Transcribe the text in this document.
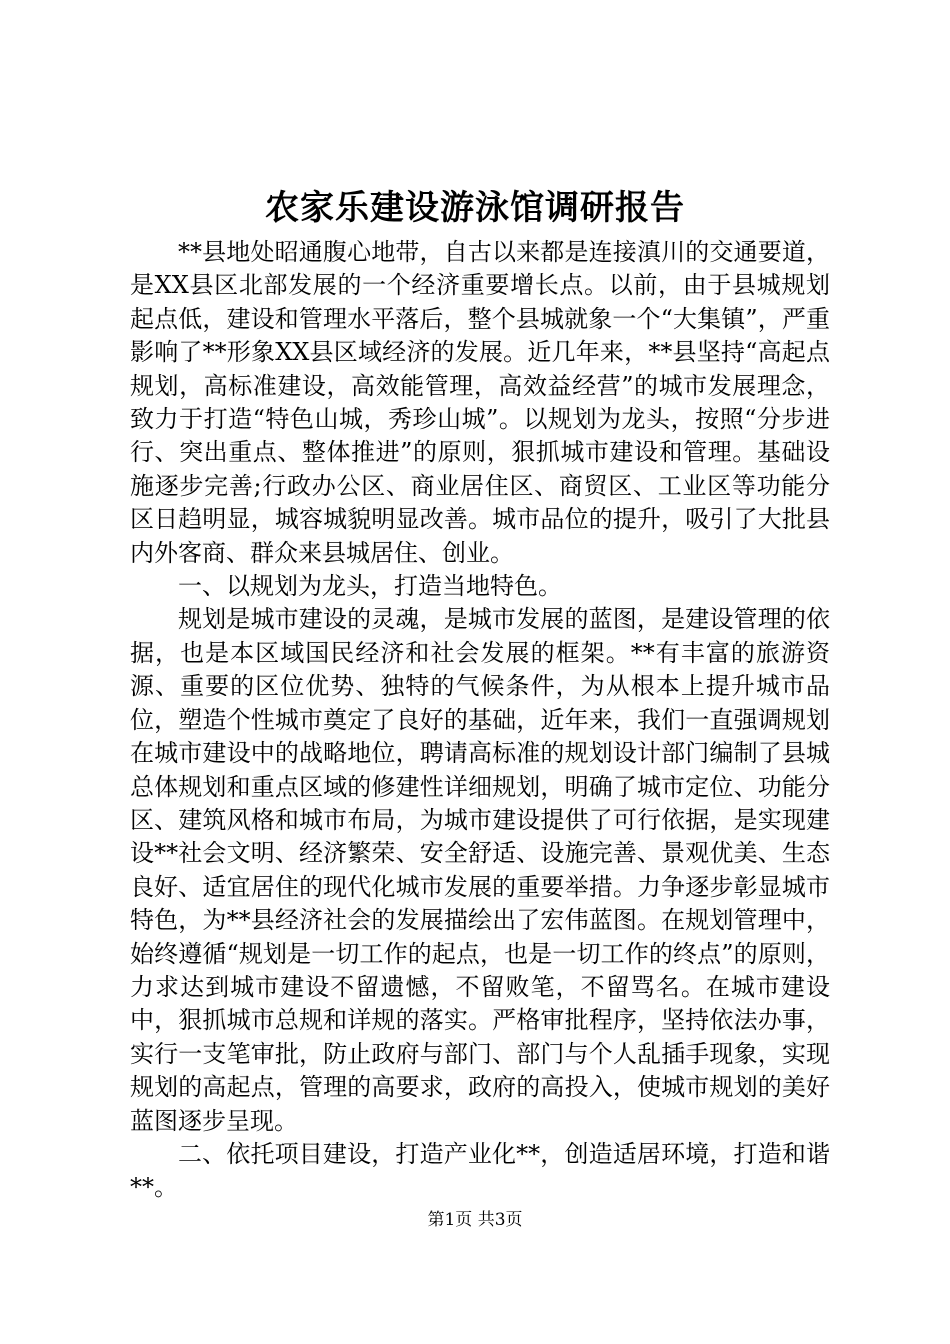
农家乐建设游泳馆调研报告

**县地处昭通腹心地带，自古以来都是连接滇川的交通要道，是XX县区北部发展的一个经济重要增长点。以前，由于县城规划起点低，建设和管理水平落后，整个县城就象一个“大集镇”，严重影响了**形象XX县区域经济的发展。近几年来，**县坚持“高起点规划，高标准建设，高效能管理，高效益经营”的城市发展理念，致力于打造“特色山城，秀珍山城”。以规划为龙头，按照“分步进行、突出重点、整体推进”的原则，狠抓城市建设和管理。基础设施逐步完善;行政办公区、商业居住区、商贸区、工业区等功能分区日趋明显，城容城貌明显改善。城市品位的提升，吸引了大批县内外客商、群众来县城居住、创业。

一、以规划为龙头，打造当地特色。

规划是城市建设的灵魂，是城市发展的蓝图，是建设管理的依据，也是本区域国民经济和社会发展的框架。**有丰富的旅游资源、重要的区位优势、独特的气候条件，为从根本上提升城市品位，塑造个性城市奠定了良好的基础，近年来，我们一直强调规划在城市建设中的战略地位，聘请高标准的规划设计部门编制了县城总体规划和重点区域的修建性详细规划，明确了城市定位、功能分区、建筑风格和城市布局，为城市建设提供了可行依据，是实现建设**社会文明、经济繁荣、安全舒适、设施完善、景观优美、生态良好、适宜居住的现代化城市发展的重要举措。力争逐步彰显城市特色，为**县经济社会的发展描绘出了宏伟蓝图。在规划管理中，始终遵循“规划是一切工作的起点，也是一切工作的终点”的原则，力求达到城市建设不留遗憾，不留败笔，不留骂名。在城市建设中，狠抓城市总规和详规的落实。严格审批程序，坚持依法办事，实行一支笔审批，防止政府与部门、部门与个人乱插手现象，实现规划的高起点，管理的高要求，政府的高投入，使城市规划的美好蓝图逐步呈现。

二、依托项目建设，打造产业化**，创造适居环境，打造和谐**。

第1页 共3页
